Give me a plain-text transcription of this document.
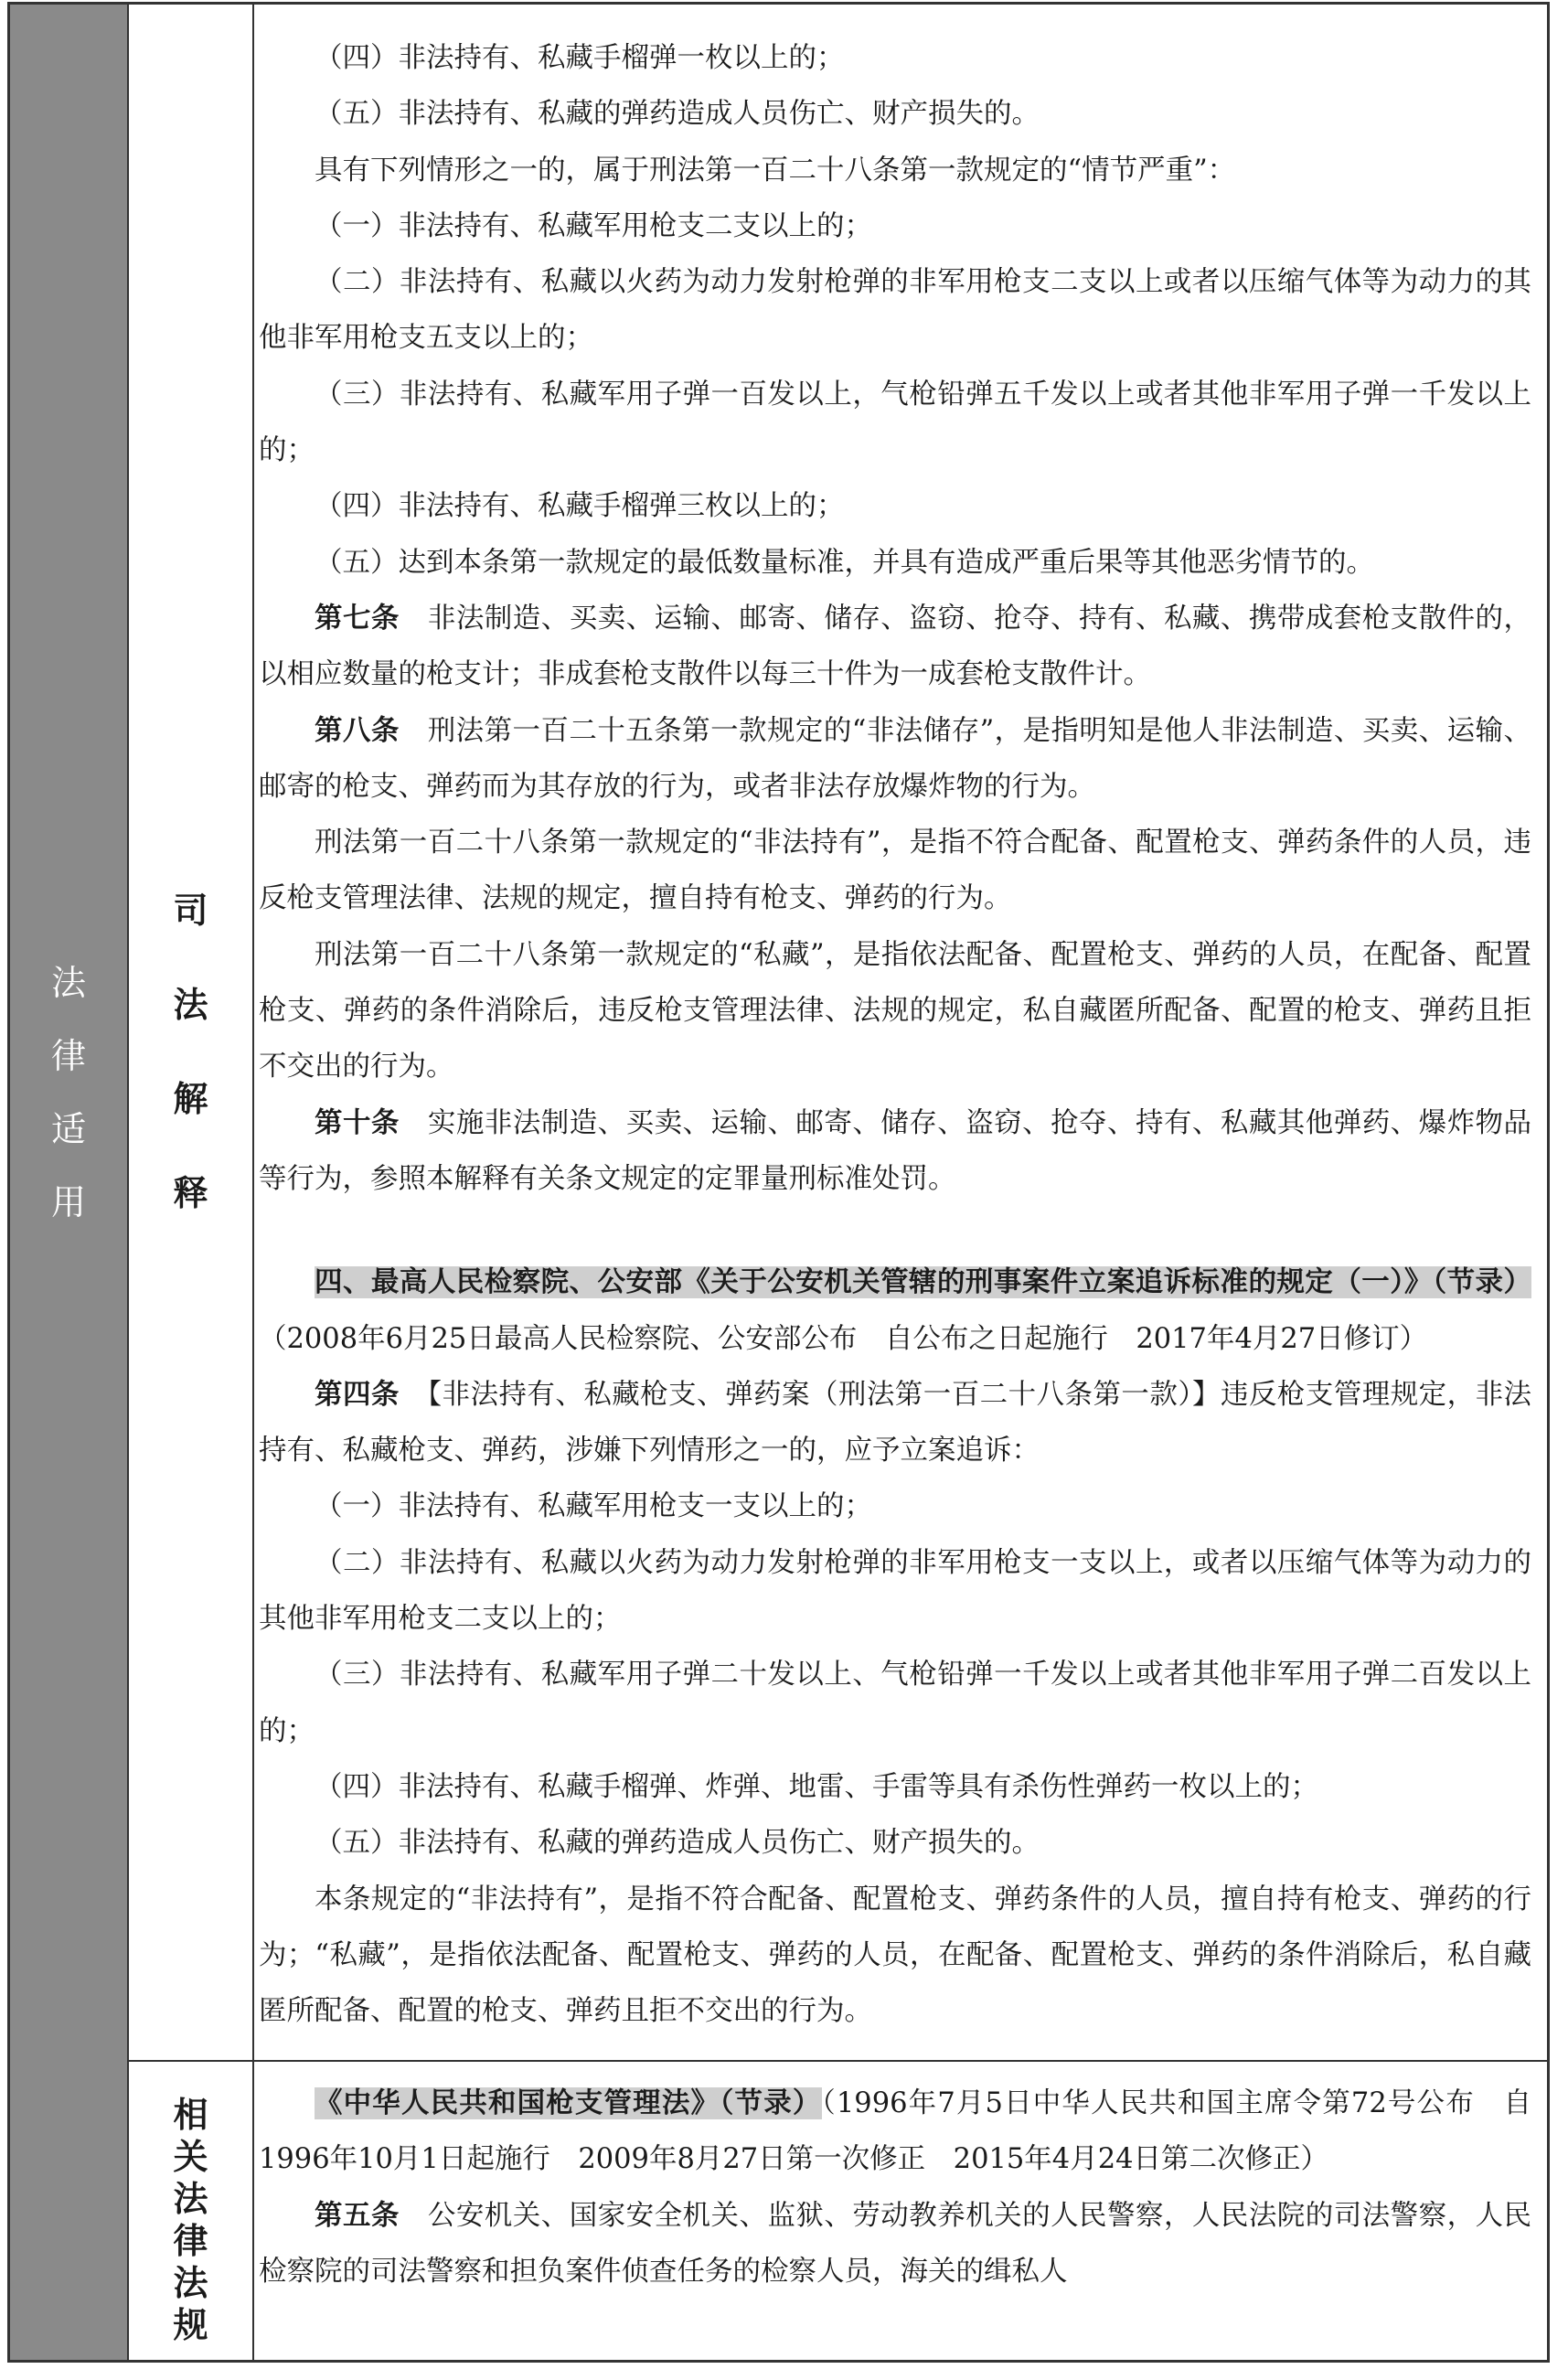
法
律
适
用
司
法
解
释
相
关
法
律
法
规

（四）非法持有、私藏手榴弹一枚以上的；

（五）非法持有、私藏的弹药造成人员伤亡、财产损失的。

具有下列情形之一的，属于刑法第一百二十八条第一款规定的“情节严重”：

（一）非法持有、私藏军用枪支二支以上的；

（二）非法持有、私藏以火药为动力发射枪弹的非军用枪支二支以上或者以压缩气体等为动力的其他非军用枪支五支以上的；

（三）非法持有、私藏军用子弹一百发以上，气枪铅弹五千发以上或者其他非军用子弹一千发以上的；

（四）非法持有、私藏手榴弹三枚以上的；

（五）达到本条第一款规定的最低数量标准，并具有造成严重后果等其他恶劣情节的。

第七条　 非法制造、买卖、运输、邮寄、储存、盗窃、抢夺、持有、私藏、携带成套枪支散件的，以相应数量的枪支计；非成套枪支散件以每三十件为一成套枪支散件计。

第八条　 刑法第一百二十五条第一款规定的“非法储存”，是指明知是他人非法制造、买卖、运输、邮寄的枪支、弹药而为其存放的行为，或者非法存放爆炸物的行为。

刑法第一百二十八条第一款规定的“非法持有”，是指不符合配备、配置枪支、弹药条件的人员，违反枪支管理法律、法规的规定，擅自持有枪支、弹药的行为。

刑法第一百二十八条第一款规定的“私藏”，是指依法配备、配置枪支、弹药的人员，在配备、配置枪支、弹药的条件消除后，违反枪支管理法律、法规的规定，私自藏匿所配备、配置的枪支、弹药且拒不交出的行为。

第十条　 实施非法制造、买卖、运输、邮寄、储存、盗窃、抢夺、持有、私藏其他弹药、爆炸物品等行为，参照本解释有关条文规定的定罪量刑标准处罚。

四、最高人民检察院、公安部《关于公安机关管辖的刑事案件立案追诉标准的规定（一）》（节录）（2008年6月25日最高人民检察院、公安部公布　自公布之日起施行　2017年4月27日修订）

第四条　 【非法持有、私藏枪支、弹药案（刑法第一百二十八条第一款）】违反枪支管理规定，非法持有、私藏枪支、弹药，涉嫌下列情形之一的，应予立案追诉：

（一）非法持有、私藏军用枪支一支以上的；

（二）非法持有、私藏以火药为动力发射枪弹的非军用枪支一支以上，或者以压缩气体等为动力的其他非军用枪支二支以上的；

（三）非法持有、私藏军用子弹二十发以上、气枪铅弹一千发以上或者其他非军用子弹二百发以上的；

（四）非法持有、私藏手榴弹、炸弹、地雷、手雷等具有杀伤性弹药一枚以上的；

（五）非法持有、私藏的弹药造成人员伤亡、财产损失的。

本条规定的“非法持有”，是指不符合配备、配置枪支、弹药条件的人员，擅自持有枪支、弹药的行为；“私藏”，是指依法配备、配置枪支、弹药的人员，在配备、配置枪支、弹药的条件消除后，私自藏匿所配备、配置的枪支、弹药且拒不交出的行为。

《中华人民共和国枪支管理法》（节录）（1996年7月5日中华人民共和国主席令第72号公布　自1996年10月1日起施行　2009年8月27日第一次修正　2015年4月24日第二次修正）

第五条　 公安机关、国家安全机关、监狱、劳动教养机关的人民警察，人民法院的司法警察，人民检察院的司法警察和担负案件侦查任务的检察人员，海关的缉私人
